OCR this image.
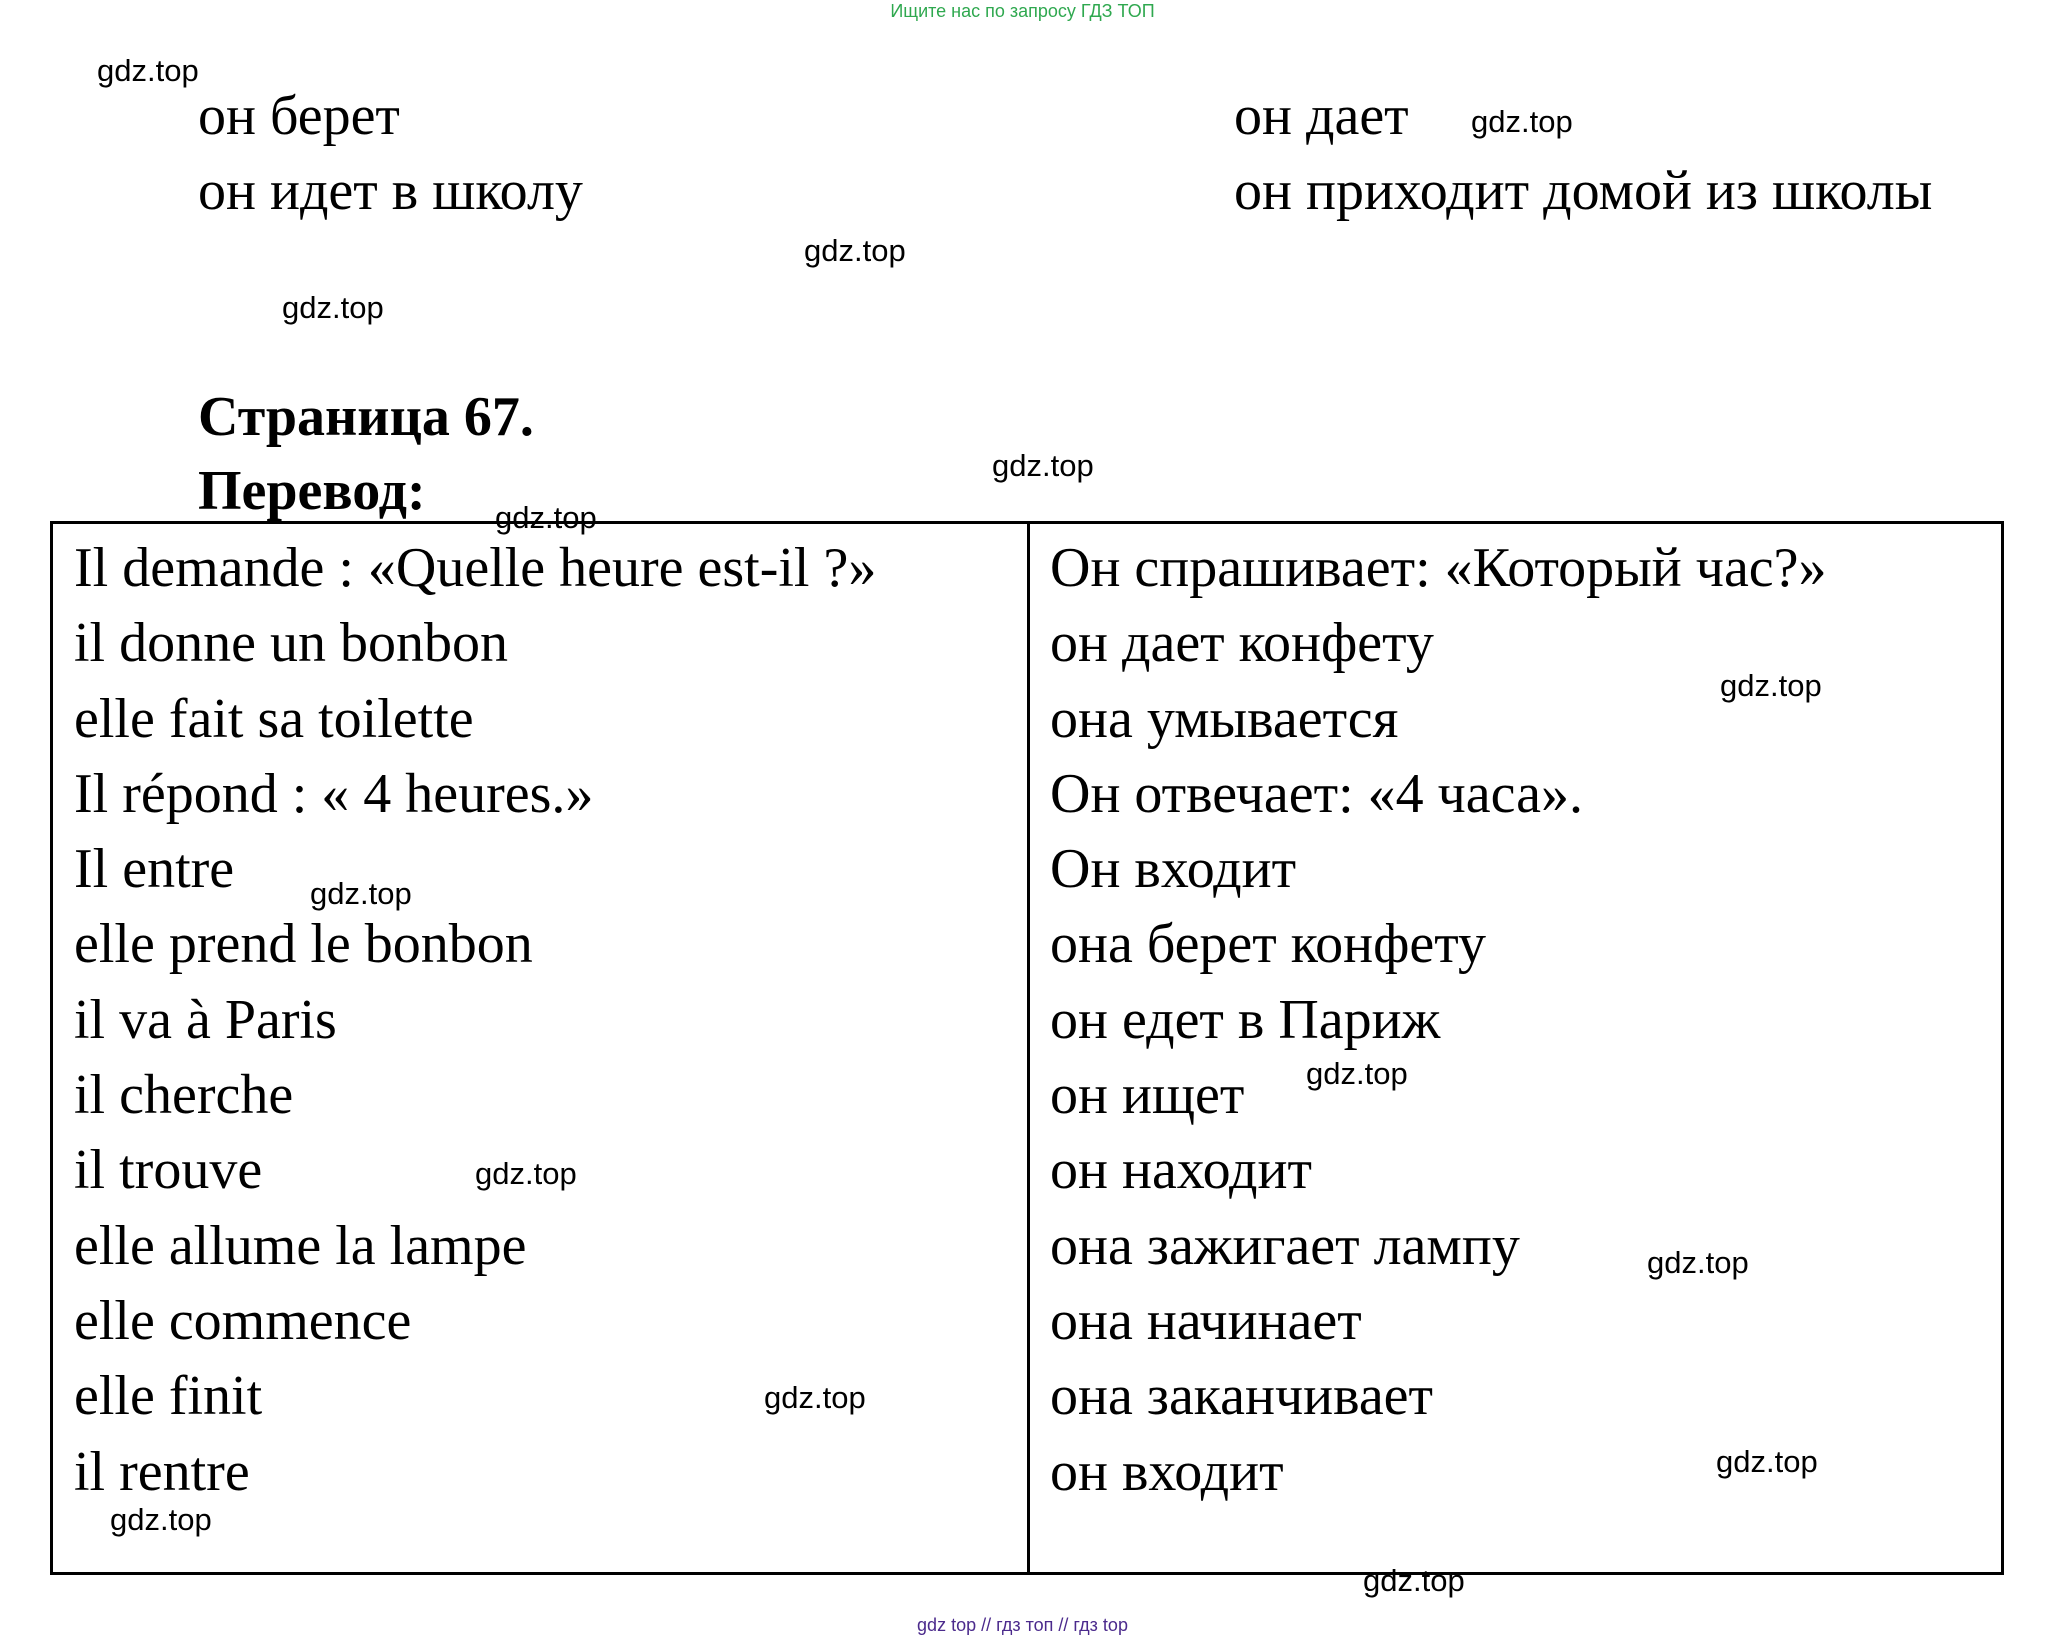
Ищите нас по запросу ГДЗ ТОП
он берет
он идет в школу
он дает
он приходит домой из школы
Страница 67.
Перевод:
Il demande : «Quelle heure est-il ?»
il donne un bonbon
elle fait sa toilette
Il répond : « 4 heures.»
Il entre
elle prend le bonbon
il va à Paris
il cherche
il trouve
elle allume la lampe
elle commence
elle finit
il rentre
Он спрашивает: «Который час?»
он дает конфету
она умывается
Он отвечает: «4 часа».
Он входит
она берет конфету
он едет в Париж
он ищет
он находит
она зажигает лампу
она начинает
она заканчивает
он входит
gdz.top
gdz.top
gdz.top
gdz.top
gdz.top
gdz.top
gdz.top
gdz.top
gdz.top
gdz.top
gdz.top
gdz.top
gdz.top
gdz.top
gdz.top
gdz top // гдз топ // гдз top
